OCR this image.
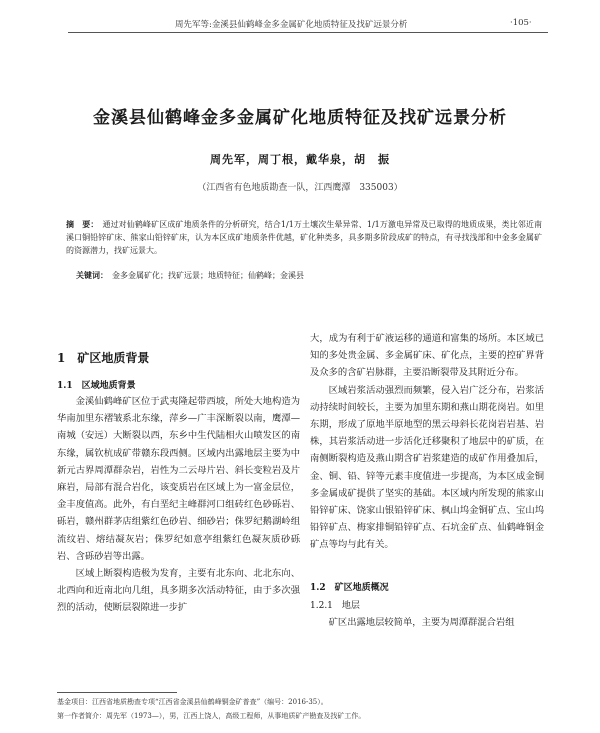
周先军等:金溪县仙鹤峰金多金属矿化地质特征及找矿远景分析	·105·
金溪县仙鹤峰金多金属矿化地质特征及找矿远景分析
周先军，周丁根，戴华泉，胡　振
（江西省有色地质勘查一队，江西鹰潭　335003）
摘　要： 通过对仙鹤峰矿区成矿地质条件的分析研究，结合1/1万土壤次生晕异常、1/1万激电异常及已取得的地质成果，类比邻近南溪口铜铅锌矿床、熊家山铅锌矿床，认为本区成矿地质条件优越，矿化种类多，具多期多阶段成矿的特点，有寻找浅部和中金多金属矿的资源潜力，找矿远景大。
关键词： 金多金属矿化；找矿远景；地质特征；仙鹤峰；金溪县
1　矿区地质背景
1.1　区域地质背景

金溪仙鹤峰矿区位于武夷隆起带西坡，所处大地构造为华南加里东褶皱系北东缘，萍乡—广丰深断裂以南，鹰潭—南城（安远）大断裂以西，东乡中生代陆相火山喷发区的南东缘，属钦杭成矿带赣东段西侧。区域内出露地层主要为中新元古界周潭群杂岩，岩性为二云母片岩、斜长变粒岩及片麻岩，局部有混合岩化，该变质岩在区域上为一富金层位，金丰度值高。此外，有白垩纪主峰群河口组砖红色砂砾岩、砾岩，赣州群茅店组紫红色砂岩、细砂岩；侏罗纪鹅湖岭组流纹岩、熔结凝灰岩；侏罗纪如意亭组紫红色凝灰质砂砾岩、含砾砂岩等出露。

区域上断裂构造极为发育，主要有北东向、北北东向、北西向和近南北向几组，具多期多次活动特征，由于多次强烈的活动，使断层裂隙进一步扩

大，成为有利于矿液运移的通道和富集的场所。本区域已知的多处贵金属、多金属矿床、矿化点，主要的控矿界背及众多的含矿岩脉群，主要沿断裂带及其附近分布。

区域岩浆活动强烈而频繁，侵入岩广泛分布，岩浆活动持续时间较长，主要为加里东期和燕山期花岗岩。如里东期，形成了原地半原地型的黑云母斜长花岗岩岩基、岩株，其岩浆活动进一步活化迁移聚积了地层中的矿质，在南侧断裂构造及燕山期含矿岩浆建造的成矿作用叠加后，金、铜、铅、锌等元素丰度值进一步提高，为本区成金铜多金属成矿提供了坚实的基础。本区域内所发现的熊家山铅锌矿床、饶家山银铅锌矿床、枫山坞金铜矿点、宝山坞铅锌矿点、梅家排铜铅锌矿点、石坑金矿点、仙鹤峰铜金矿点等均与此有关。

1.2　矿区地质概况
1.2.1　地层

矿区出露地层较简单，主要为周潭群混合岩组

基金项目：江西省地质勘查专项“江西省金溪县仙鹤峰铜金矿普查”（编号：2016-35）。
第一作者简介：周先军（1973—），男，江西上饶人，高级工程师，从事地质矿产勘查及找矿工作。
